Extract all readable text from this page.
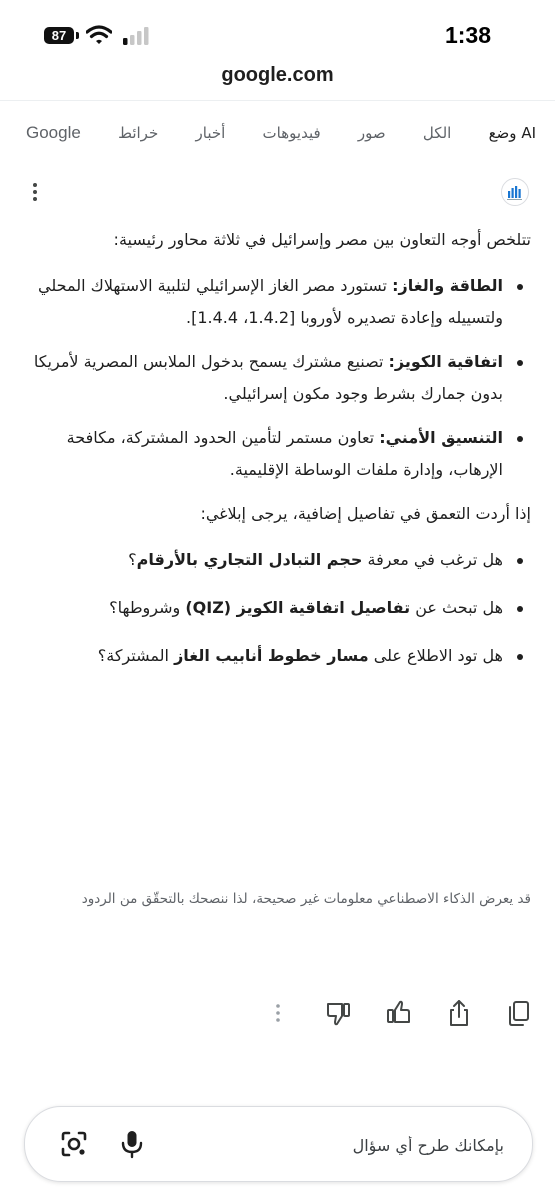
87	1:38
google.com
Google خرائط أخبار فيديوهات صور الكل وضع AI

تتلخص أوجه التعاون بين مصر وإسرائيل في ثلاثة محاور رئيسية:

الطاقة والغاز: تستورد مصر الغاز الإسرائيلي لتلبية الاستهلاك المحلي ولتسييله وإعادة تصديره لأوروبا [1.4.2، 1.4.4].
اتفاقية الكويز: تصنيع مشترك يسمح بدخول الملابس المصرية لأمريكا بدون جمارك بشرط وجود مكون إسرائيلي.
التنسيق الأمني: تعاون مستمر لتأمين الحدود المشتركة، مكافحة الإرهاب، وإدارة ملفات الوساطة الإقليمية.

إذا أردت التعمق في تفاصيل إضافية، يرجى إبلاغي:

هل ترغب في معرفة حجم التبادل التجاري بالأرقام؟
هل تبحث عن تفاصيل اتفاقية الكويز (QIZ) وشروطها؟
هل تود الاطلاع على مسار خطوط أنابيب الغاز المشتركة؟
قد يعرض الذكاء الاصطناعي معلومات غير صحيحة، لذا ننصحك بالتحقّق من الردود
بإمكانك طرح أي سؤال
